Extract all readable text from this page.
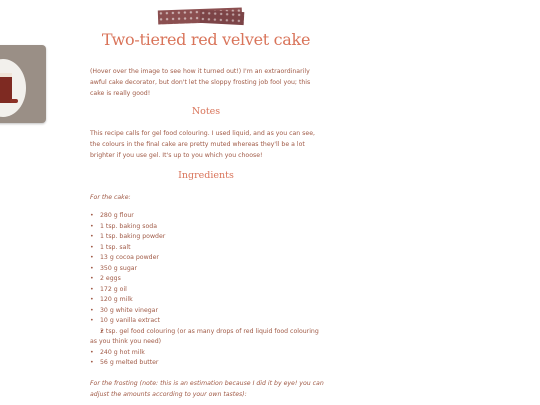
Two-tiered red velvet cake
(Hover over the image to see how it turned out!) I'm an extraordinarily awful cake decorator, but don't let the sloppy frosting job fool you; this cake is really good!
Notes
This recipe calls for gel food colouring. I used liquid, and as you can see, the colours in the final cake are pretty muted whereas they'll be a lot brighter if you use gel. It's up to you which you choose!
Ingredients
For the cake:
• 280 g flour
• 1 tsp. baking soda
• 1 tsp. baking powder
• 1 tsp. salt
• 13 g cocoa powder
• 350 g sugar
• 2 eggs
• 172 g oil
• 120 g milk
• 30 g white vinegar
• 10 g vanilla extract
• 2 tsp. gel food colouring (or as many drops of red liquid food colouring as you think you need)
• 240 g hot milk
• 56 g melted butter
For the frosting (note: this is an estimation because I did it by eye! you can adjust the amounts according to your own tastes):
